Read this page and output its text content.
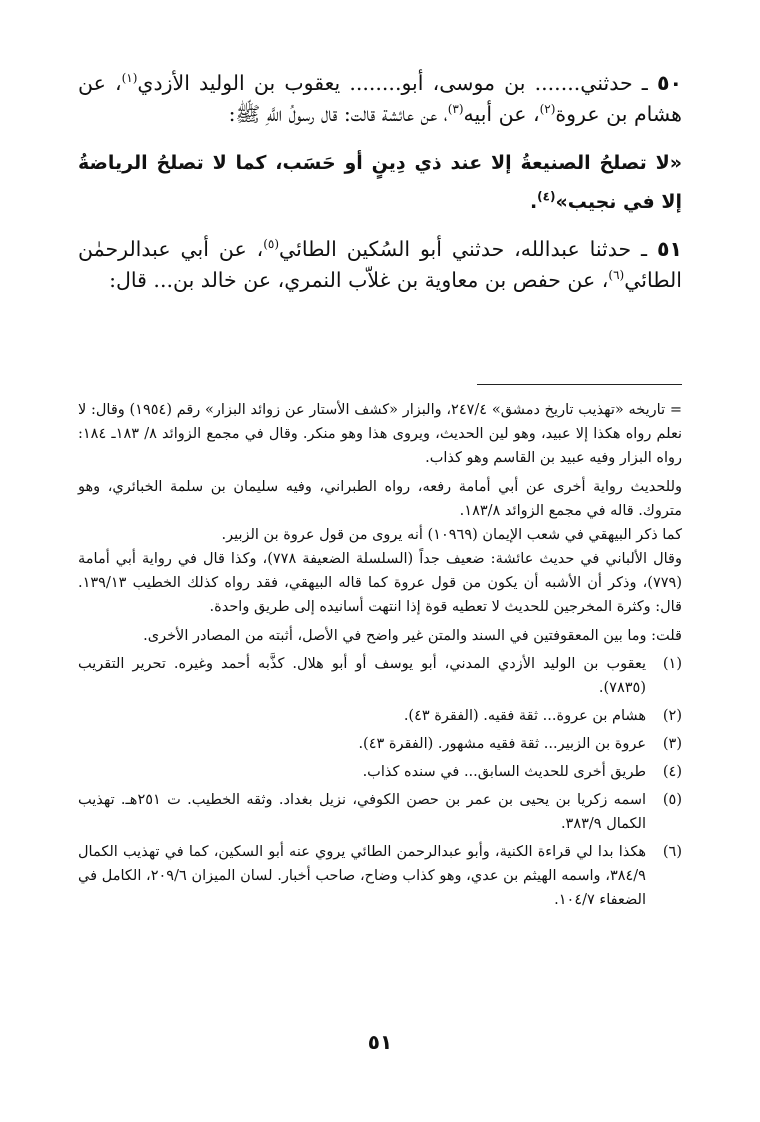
٥٠ ـ حدثني....... بن موسى، أبو........ يعقوب بن الوليد الأزدي$^{(١)}$، عن هشام بن عروة$^{(٢)}$، عن أبيه$^{(٣)}$، عن عائشة قالت: قال رسولُ اللَّهِ ﷺ:

«لا تصلحُ الصنيعةُ إلا عند ذي دِينٍ أو حَسَب، كما لا تصلحُ الرياضةُ إلا في نجيب»$^{(٤)}$.

٥١ ـ حدثنا عبدالله، حدثني أبو السُكين الطائي$^{(٥)}$، عن أبي عبدالرحمٰن الطائي$^{(٦)}$، عن حفص بن معاوية بن غلاّب النمري، عن خالد بن... قال:

= تاريخه «تهذيب تاريخ دمشق» ٢٤٧/٤، والبزار «كشف الأستار عن زوائد البزار» رقم (١٩٥٤) وقال: لا نعلم رواه هكذا إلا عبيد، وهو لين الحديث، ويروى هذا وهو منكر. وقال في مجمع الزوائد ٨/ ١٨٣ـ ١٨٤: رواه البزار وفيه عبيد بن القاسم وهو كذاب.

وللحديث رواية أخرى عن أبي أمامة رفعه، رواه الطبراني، وفيه سليمان بن سلمة الخبائري، وهو متروك. قاله في مجمع الزوائد ١٨٣/٨.

كما ذكر البيهقي في شعب الإيمان (١٠٩٦٩) أنه يروى من قول عروة بن الزبير.

وقال الألباني في حديث عائشة: ضعيف جداً (السلسلة الضعيفة ٧٧٨)، وكذا قال في رواية أبي أمامة (٧٧٩)، وذكر أن الأشبه أن يكون من قول عروة كما قاله البيهقي، فقد رواه كذلك الخطيب ١٣٩/١٣. قال: وكثرة المخرجين للحديث لا تعطيه قوة إذا انتهت أسانيده إلى طريق واحدة.

قلت: وما بين المعقوفتين في السند والمتن غير واضح في الأصل، أثبته من المصادر الأخرى.

(١)
يعقوب بن الوليد الأزدي المدني، أبو يوسف أو أبو هلال. كذَّبه أحمد وغيره. تحرير التقريب (٧٨٣٥).
(٢)
هشام بن عروة... ثقة فقيه. (الفقرة ٤٣).
(٣)
عروة بن الزبير... ثقة فقيه مشهور. (الفقرة ٤٣).
(٤)
طريق أخرى للحديث السابق... في سنده كذاب.
(٥)
اسمه زكريا بن يحيى بن عمر بن حصن الكوفي، نزيل بغداد. وثقه الخطيب. ت ٢٥١هـ. تهذيب الكمال ٣٨٣/٩.
(٦)
هكذا بدا لي قراءة الكنية، وأبو عبدالرحمن الطائي يروي عنه أبو السكين، كما في تهذيب الكمال ٣٨٤/٩، واسمه الهيثم بن عدي، وهو كذاب وضاح، صاحب أخبار. لسان الميزان ٢٠٩/٦، الكامل في الضعفاء ١٠٤/٧.
٥١
